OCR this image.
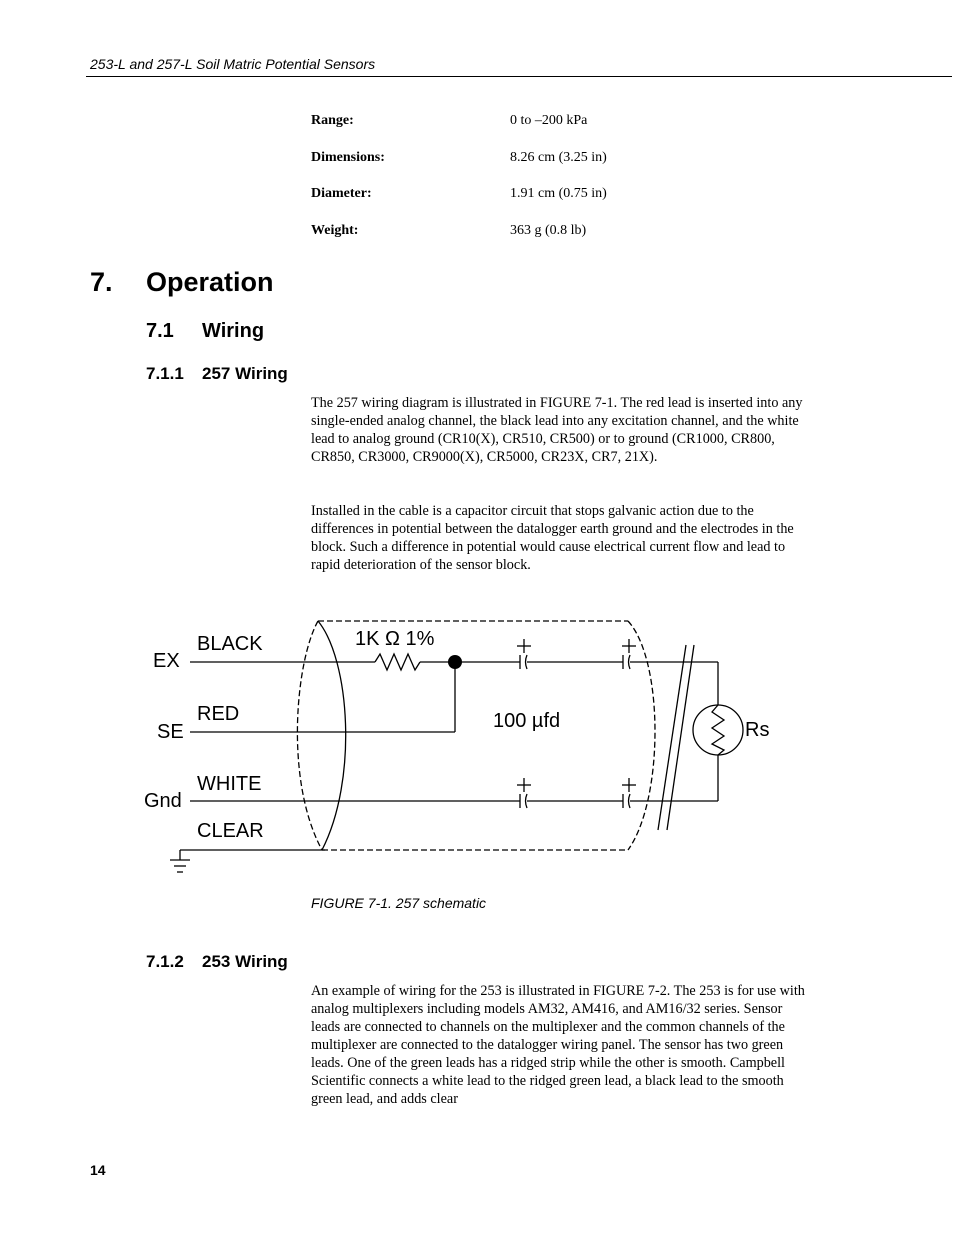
253-L and 257-L Soil Matric Potential Sensors
Range:	0 to –200 kPa
Dimensions:	8.26 cm (3.25 in)
Diameter:	1.91 cm (0.75 in)
Weight:	363 g (0.8 lb)
7. Operation
7.1 Wiring
7.1.1 257 Wiring

The 257 wiring diagram is illustrated in FIGURE 7-1. The red lead is inserted into any single-ended analog channel, the black lead into any excitation channel, and the white lead to analog ground (CR10(X), CR510, CR500) or to ground (CR1000, CR800, CR850, CR3000, CR9000(X), CR5000, CR23X, CR7, 21X).

Installed in the cable is a capacitor circuit that stops galvanic action due to the differences in potential between the datalogger earth ground and the electrodes in the block. Such a difference in potential would cause electrical current flow and lead to rapid deterioration of the sensor block.

EX
SE
Gnd
BLACK
RED
WHITE
CLEAR
1K Ω 1%
100 µfd	Rs
FIGURE 7-1. 257 schematic
7.1.2 253 Wiring

An example of wiring for the 253 is illustrated in FIGURE 7-2. The 253 is for use with analog multiplexers including models AM32, AM416, and AM16/32 series. Sensor leads are connected to channels on the multiplexer and the common channels of the multiplexer are connected to the datalogger wiring panel. The sensor has two green leads. One of the green leads has a ridged strip while the other is smooth. Campbell Scientific connects a white lead to the ridged green lead, a black lead to the smooth green lead, and adds clear

14
